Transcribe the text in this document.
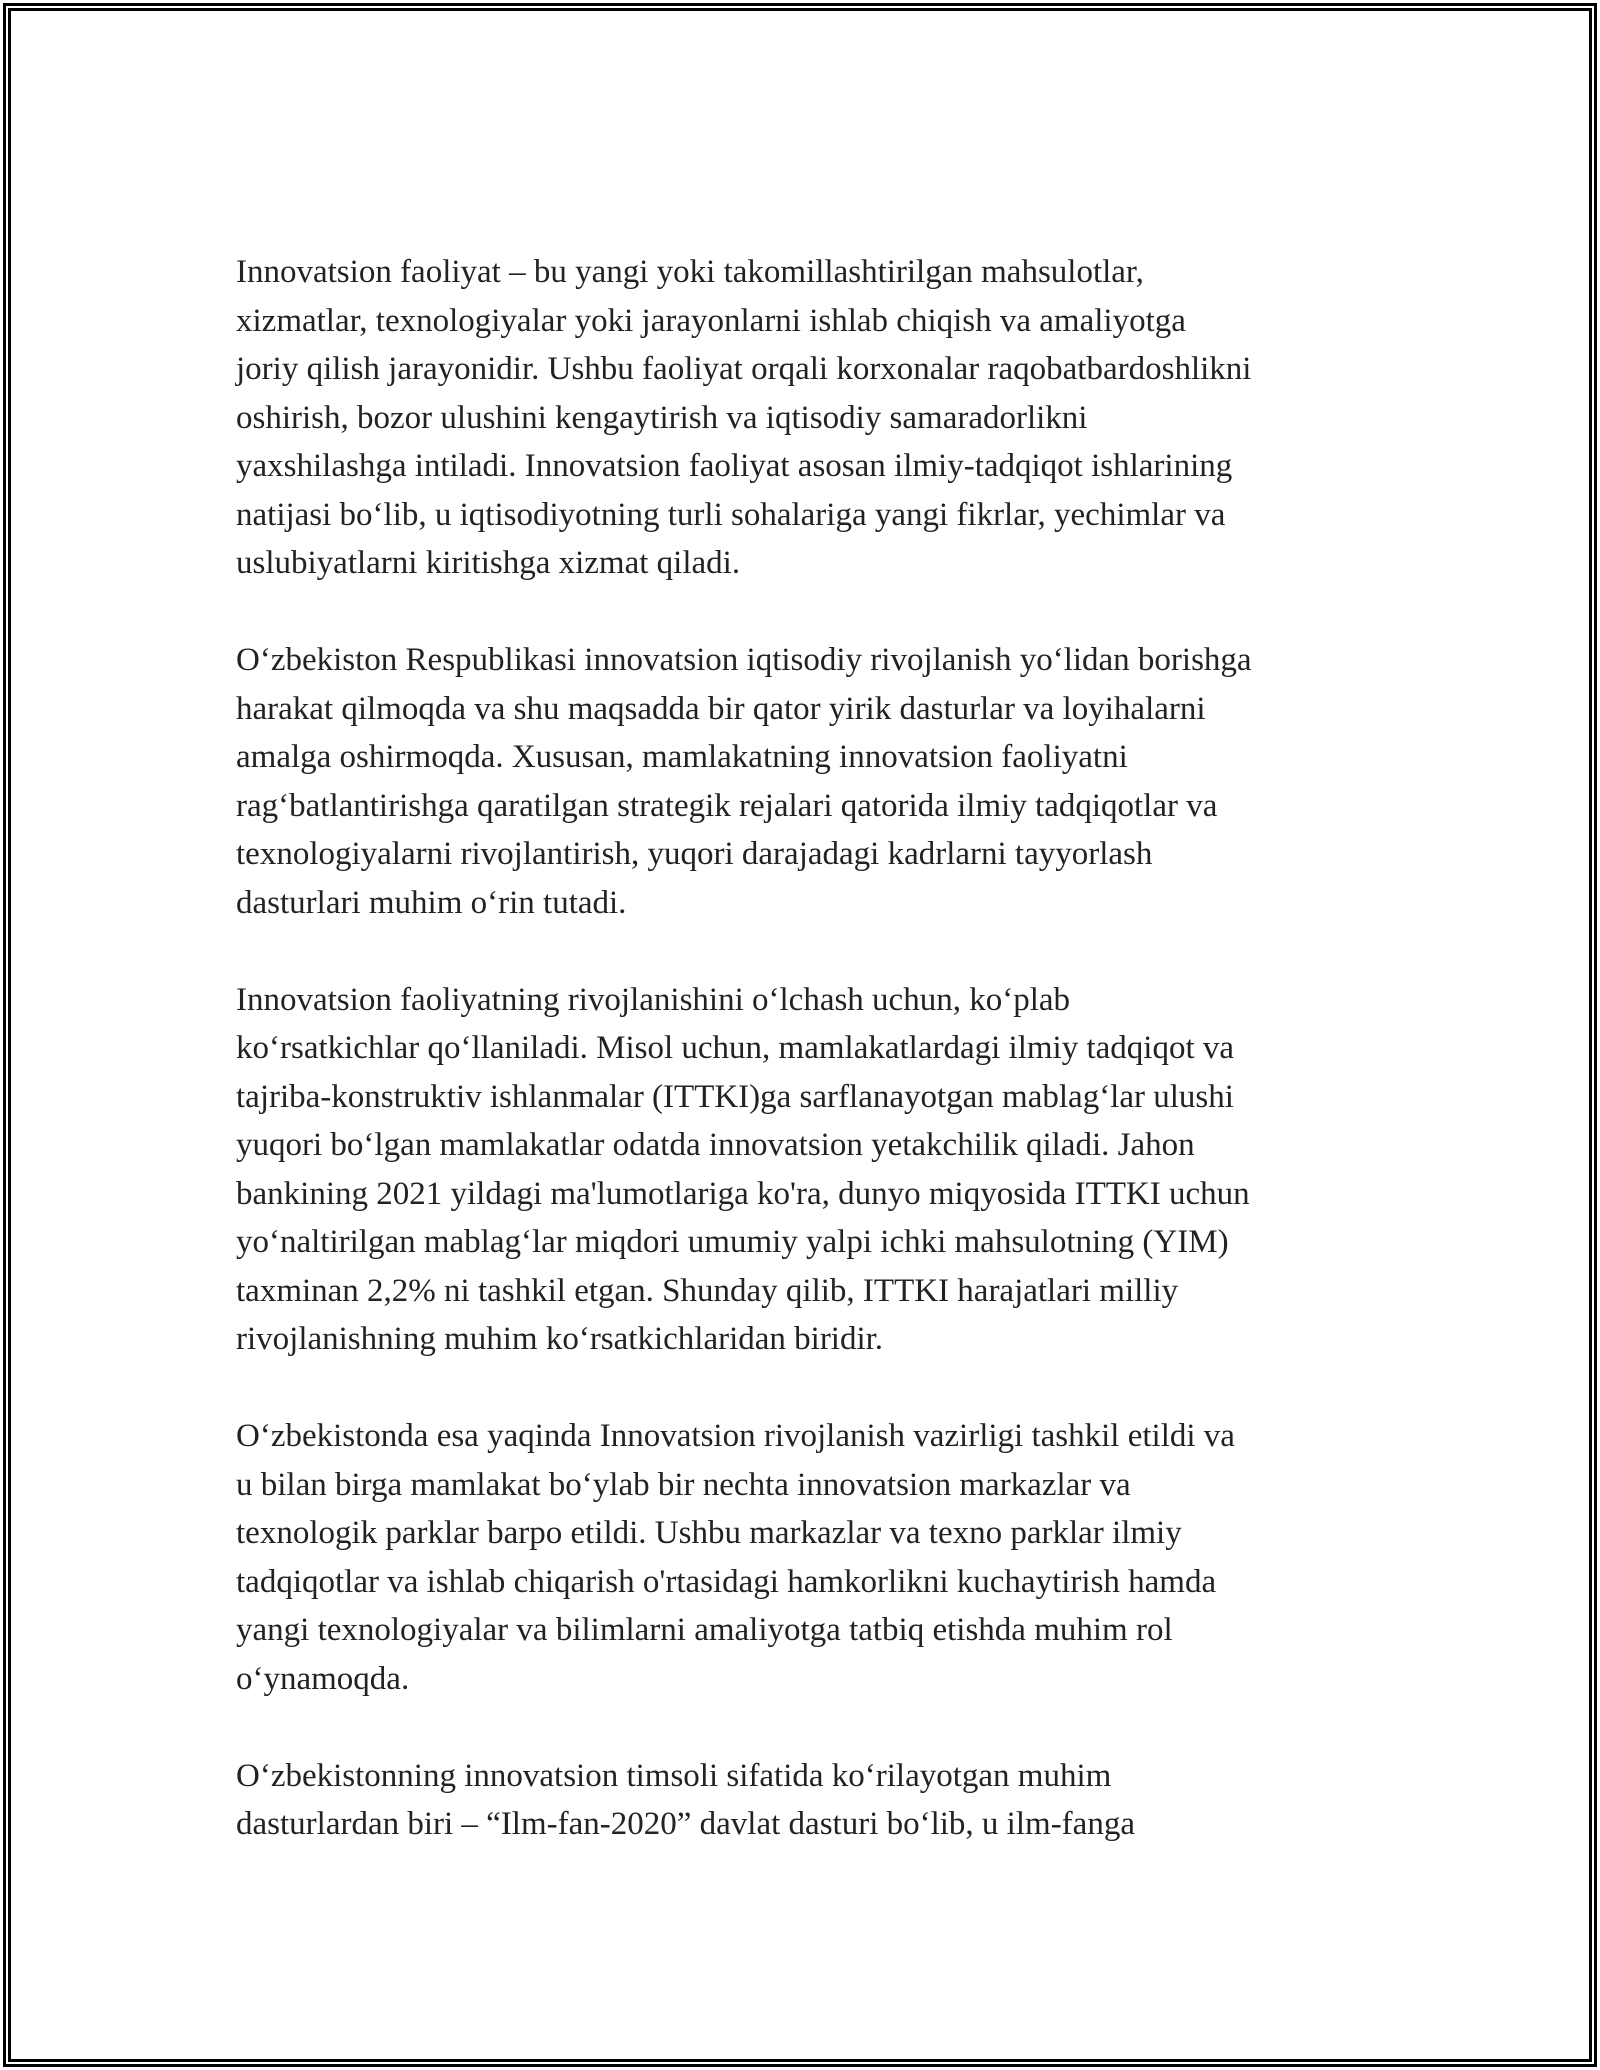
Innovatsion faoliyat – bu yangi yoki takomillashtirilgan mahsulotlar,
xizmatlar, texnologiyalar yoki jarayonlarni ishlab chiqish va amaliyotga
joriy qilish jarayonidir. Ushbu faoliyat orqali korxonalar raqobatbardoshlikni
oshirish, bozor ulushini kengaytirish va iqtisodiy samaradorlikni
yaxshilashga intiladi. Innovatsion faoliyat asosan ilmiy-tadqiqot ishlarining
natijasi boʻlib, u iqtisodiyotning turli sohalariga yangi fikrlar, yechimlar va
uslubiyatlarni kiritishga xizmat qiladi.

Oʻzbekiston Respublikasi innovatsion iqtisodiy rivojlanish yoʻlidan borishga
harakat qilmoqda va shu maqsadda bir qator yirik dasturlar va loyihalarni
amalga oshirmoqda. Xususan, mamlakatning innovatsion faoliyatni
ragʻbatlantirishga qaratilgan strategik rejalari qatorida ilmiy tadqiqotlar va
texnologiyalarni rivojlantirish, yuqori darajadagi kadrlarni tayyorlash
dasturlari muhim oʻrin tutadi.

Innovatsion faoliyatning rivojlanishini oʻlchash uchun, koʻplab
koʻrsatkichlar qoʻllaniladi. Misol uchun, mamlakatlardagi ilmiy tadqiqot va
tajriba-konstruktiv ishlanmalar (ITTKI)ga sarflanayotgan mablagʻlar ulushi
yuqori boʻlgan mamlakatlar odatda innovatsion yetakchilik qiladi. Jahon
bankining 2021 yildagi ma'lumotlariga ko'ra, dunyo miqyosida ITTKI uchun
yoʻnaltirilgan mablagʻlar miqdori umumiy yalpi ichki mahsulotning (YIM)
taxminan 2,2% ni tashkil etgan. Shunday qilib, ITTKI harajatlari milliy
rivojlanishning muhim koʻrsatkichlaridan biridir.

Oʻzbekistonda esa yaqinda Innovatsion rivojlanish vazirligi tashkil etildi va
u bilan birga mamlakat boʻylab bir nechta innovatsion markazlar va
texnologik parklar barpo etildi. Ushbu markazlar va texno parklar ilmiy
tadqiqotlar va ishlab chiqarish o'rtasidagi hamkorlikni kuchaytirish hamda
yangi texnologiyalar va bilimlarni amaliyotga tatbiq etishda muhim rol
oʻynamoqda.

Oʻzbekistonning innovatsion timsoli sifatida koʻrilayotgan muhim
dasturlardan biri – “Ilm-fan-2020” davlat dasturi boʻlib, u ilm-fanga
